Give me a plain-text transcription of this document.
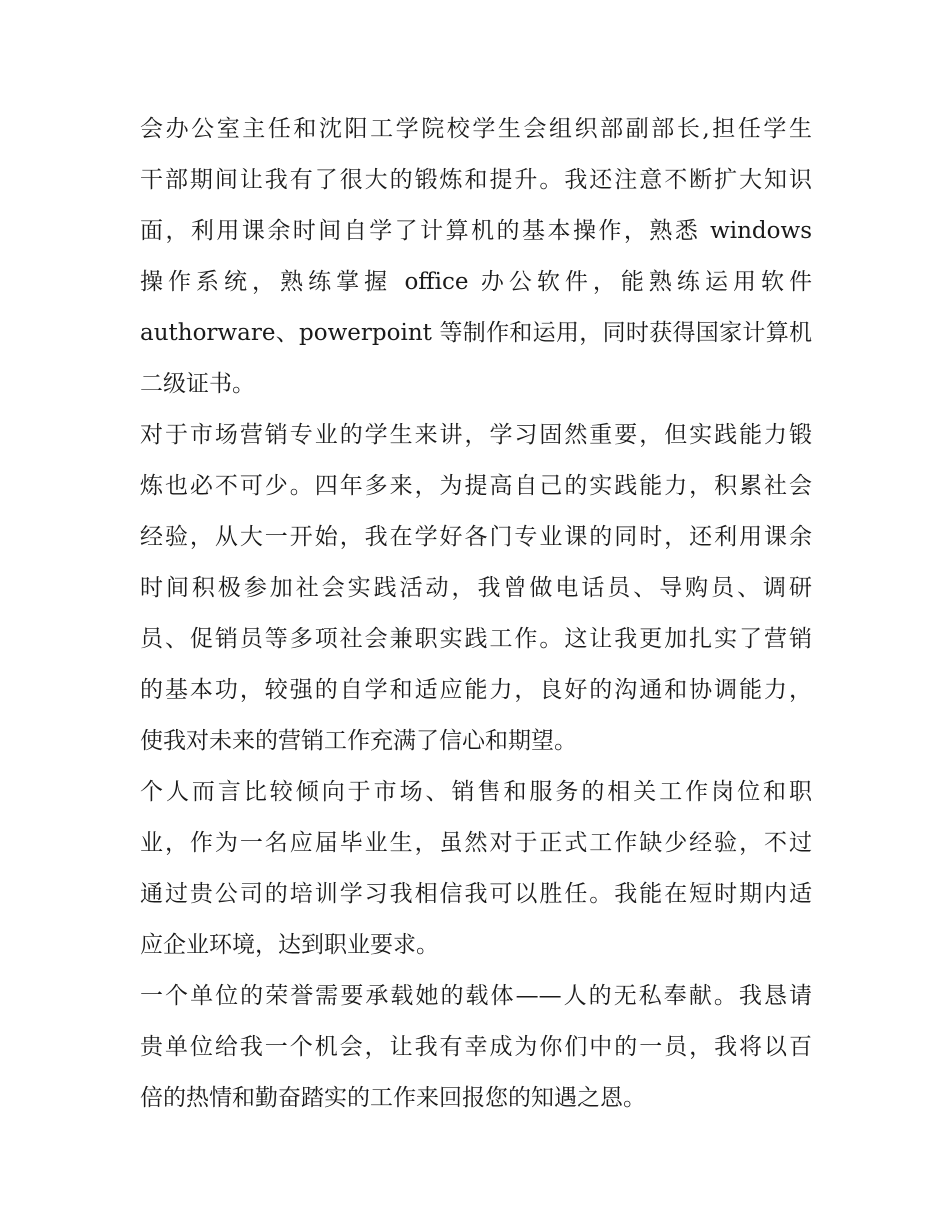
会办公室主任和沈阳工学院校学生会组织部副部长,担任学生
干部期间让我有了很大的锻炼和提升。我还注意不断扩大知识
面，利用课余时间自学了计算机的基本操作，熟悉 windows
操作系统，熟练掌握 office 办公软件，能熟练运用软件
authorware、powerpoint 等制作和运用，同时获得国家计算机
二级证书。
对于市场营销专业的学生来讲，学习固然重要，但实践能力锻
炼也必不可少。四年多来，为提高自己的实践能力，积累社会
经验，从大一开始，我在学好各门专业课的同时，还利用课余
时间积极参加社会实践活动，我曾做电话员、导购员、调研
员、促销员等多项社会兼职实践工作。这让我更加扎实了营销
的基本功，较强的自学和适应能力，良好的沟通和协调能力，
使我对未来的营销工作充满了信心和期望。
个人而言比较倾向于市场、销售和服务的相关工作岗位和职
业，作为一名应届毕业生，虽然对于正式工作缺少经验，不过
通过贵公司的培训学习我相信我可以胜任。我能在短时期内适
应企业环境，达到职业要求。
一个单位的荣誉需要承载她的载体——人的无私奉献。我恳请
贵单位给我一个机会，让我有幸成为你们中的一员，我将以百
倍的热情和勤奋踏实的工作来回报您的知遇之恩。
